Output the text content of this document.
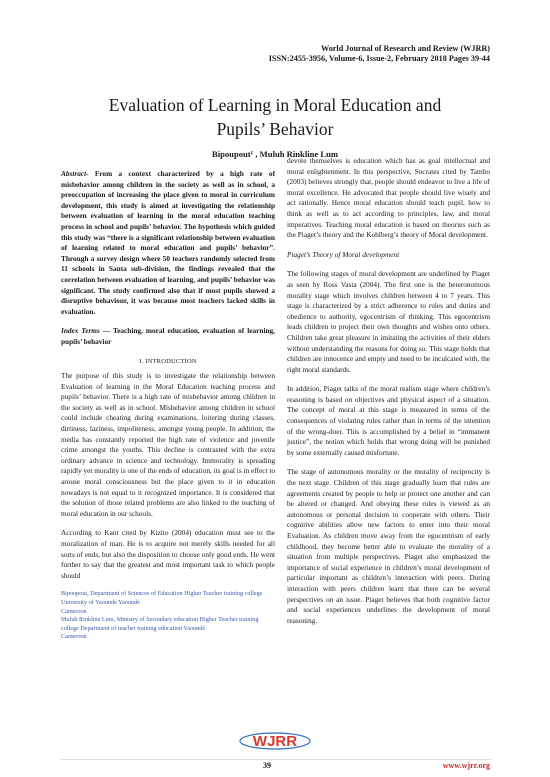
World Journal of Research and Review (WJRR)
ISSN:2455-3956, Volume-6, Issue-2, February 2018 Pages 39-44
Evaluation of Learning in Moral Education and
Pupils’ Behavior
Bipoupout¹ , Muluh Rinkline Lum

Abstract- From a context characterized by a high rate of misbehavior among children in the society as well as in school, a preoccupation of increasing the place given to moral in curriculum development, this study is aimed at investigating the relationship between evaluation of learning in the moral education teaching process in school and pupils’ behavior. The hypothesis which guided this study was “there is a significant relationship between evaluation of learning related to moral education and pupils’ behavior”. Through a survey design where 50 teachers randomly selected from 11 schools in Santa sub-division, the findings revealed that the correlation between evaluation of learning, and pupils’ behavior was significant. The study confirmed also that if most pupils showed a disruptive behaviour, it was because most teachers lacked skills in evaluation.

Index Terms — Teaching, moral education, evaluation of learning, pupils’ behavior

I. INTRODUCTION

The purpose of this study is to investigate the relationship between Evaluation of learning in the Moral Education teaching process and pupils’ behavior. There is a high rate of misbehavior among children in the society as well as in school. Misbehavior among children in school could include cheating during examinations, loitering during classes, dirtiness, laziness, impoliteness, amongst young people. In addition, the media has constantly reported the high rate of violence and juvenile crime amongst the youths. This decline is contrasted with the extra ordinary advance in science and technology. Immorality is spreading rapidly yet morality is one of the ends of education, its goal is in effect to arouse moral consciousness but the place given to it in education nowadays is not equal to it recognized importance. It is considered that the solution of those related problems are also linked to the teaching of moral education in our schools.

According to Kant cited by Kizito (2004) education must see to the moralization of man. He is to acquire not merely skills needed for all sorts of ends, but also the disposition to choose only good ends. He went further to say that the greatest and most important task to which people should

Bipoupout, Department of Sciences of Education Higher Teacher training college University of Yaoundé Yaoundé
Cameroon
Muluh Rinkline Lum, Ministry of Secondary education Higher Teacher training college Department of teacher training education Yaoundé
Cameroon

devote themselves is education which has as goal intellectual and moral enlightenment. In this perspective, Socrates cited by Tambo (2003) believes strongly that, people should endeavor to live a life of moral excellence. He advocated that people should live wisely and act rationally. Hence moral education should teach pupil, how to think as well as to act according to principles, law, and moral imperatives. Teaching moral education is based on theories such as the Piaget’s theory and the Kohlberg’s theory of Moral development.

Piaget’s Theory of Moral development

The following stages of moral development are underlined by Piaget as seen by Ross Vasta (2004). The first one is the heteronomous morality stage which involves children between 4 to 7 years. This stage is characterized by a strict adherence to rules and duties and obedience to authority, egocentrism of thinking. This egocentrism leads children to project their own thoughts and wishes onto others. Children take great pleasure in imitating the activities of their elders without understanding the reasons for doing so. This stage holds that children are innocence and empty and need to be inculcated with, the right moral standards.

In addition, Piaget talks of the moral realism stage where children’s reasoning is based on objectives and physical aspect of a situation. The concept of moral at this stage is measured in terms of the consequences of violating rules rather than in terms of the intention of the wrong-doer. This is accomplished by a belief in “immanent justice”, the notion which holds that wrong doing will be punished by some externally caused misfortune.

The stage of autonomous morality or the morality of reciprocity is the next stage. Children of this stage gradually learn that rules are agreements created by people to help or protect one another and can be altered or changed. And obeying these rules is viewed as an autonomous or personal decision to cooperate with others. Their cognitive abilities allow new factors to enter into their moral Evaluation. As children move away from the egocentrism of early childhood, they become better able to evaluate the morality of a situation from multiple perspectives. Piaget also emphasized the importance of social experience in children’s moral development of particular important as children’s interaction with peers. During interaction with peers children learn that there can be several perspectives on an issue. Piaget believes that both cognitive factor and social experiences underlines the development of moral reasoning.

WJRR
39	www.wjrr.org
